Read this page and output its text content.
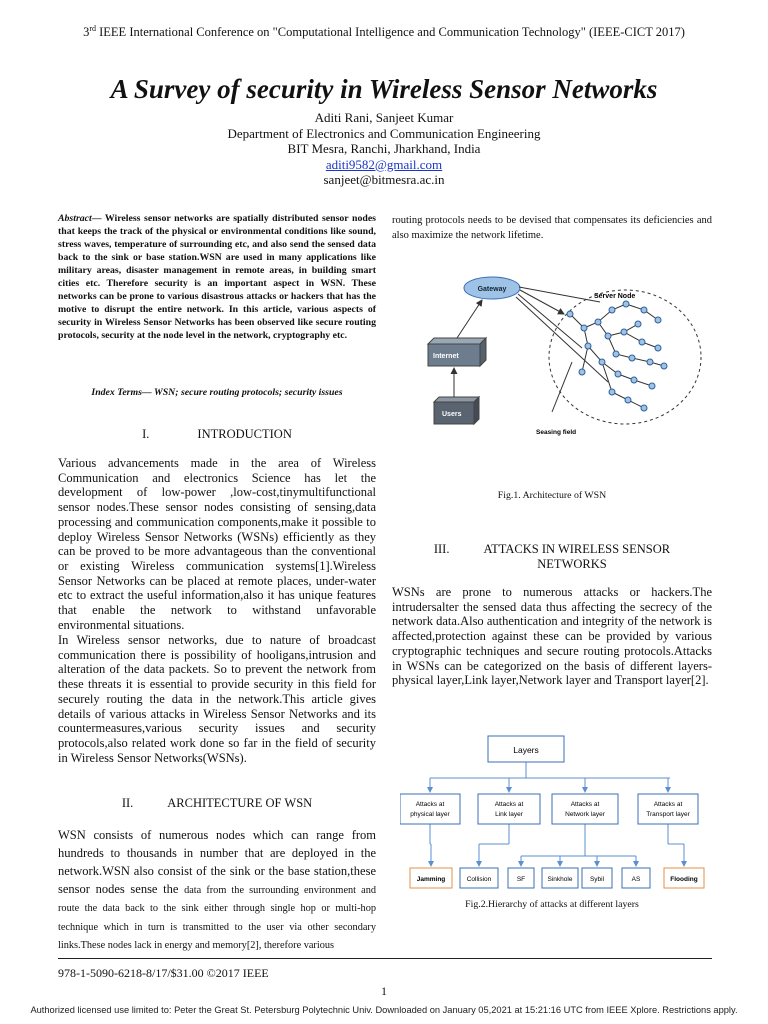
3rd IEEE International Conference on "Computational Intelligence and Communication Technology" (IEEE-CICT 2017)
A Survey of security in Wireless Sensor Networks
Aditi Rani, Sanjeet Kumar
Department of Electronics and Communication Engineering
BIT Mesra, Ranchi, Jharkhand, India
aditi9582@gmail.com
sanjeet@bitmesra.ac.in
Abstract— Wireless sensor networks are spatially distributed sensor nodes that keeps the track of the physical or environmental conditions like sound, stress waves, temperature of surrounding etc, and also send the sensed data back to the sink or base station.WSN are used in many applications like military areas, disaster management in remote areas, in building smart cities etc. Therefore security is an important aspect in WSN. These networks can be prone to various disastrous attacks or hackers that has the motive to disrupt the entire network. In this article, various aspects of security in Wireless Sensor Networks has been observed like secure routing protocols, security at the node level in the network, cryptography etc.
Index Terms— WSN; secure routing protocols; security issues
I.	INTRODUCTION
Various advancements made in the area of Wireless Communication and electronics Science has let the development of low-power ,low-cost,tinymultifunctional sensor nodes.These sensor nodes consisting of sensing,data processing and communication components,make it possible to deploy Wireless Sensor Networks (WSNs) efficiently as they can be proved to be more advantageous than the conventional or existing Wireless communication systems[1].Wireless Sensor Networks can be placed at remote places, under-water etc to extract the useful information,also it has unique features that enable the network to withstand unfavorable environmental situations.
In Wireless sensor networks, due to nature of broadcast communication there is possibility of hooligans,intrusion and alteration of the data packets. So to prevent the network from these threats it is essential to provide security in this field for securely routing the data in the network.This article gives details of various attacks in Wireless Sensor Networks and its countermeasures,various security issues and security protocols,also related work done so far in the field of security in Wireless Sensor Networks(WSNs).
II.	ARCHITECTURE OF WSN
WSN consists of numerous nodes which can range from hundreds to thousands in number that are deployed in the network.WSN also consist of the sink or the base station,these sensor nodes sense the data from the surrounding environment and route the data back to the sink either through single hop or multi-hop technique which in turn is transmitted to the user via other secondary links.These nodes lack in energy and memory[2], therefore various
routing protocols needs to be devised that compensates its deficiencies and also maximize the network lifetime.
Gateway
Server Node
Internet
Users
Seasing field
Fig.1. Architecture of WSN
III.	ATTACKS IN WIRELESS SENSOR
NETWORKS
WSNs are prone to numerous attacks or hackers.The intrudersalter the sensed data thus affecting the secrecy of the network data.Also authentication and integrity of the network is affected,protection against these can be provided by various cryptographic techniques and secure routing protocols.Attacks in WSNs can be categorized on the basis of different layers-physical layer,Link layer,Network layer and Transport layer[2].
Layers
Attacks at
physical layer
Attacks at
Link layer
Attacks at
Network layer
Attacks at
Transport layer
Jamming	Collision	SF	Sinkhole	Sybil	AS	Flooding
Fig.2.Hierarchy of attacks at different layers
978-1-5090-6218-8/17/$31.00 ©2017 IEEE
1
Authorized licensed use limited to: Peter the Great St. Petersburg Polytechnic Univ. Downloaded on January 05,2021 at 15:21:16 UTC from IEEE Xplore. Restrictions apply.
